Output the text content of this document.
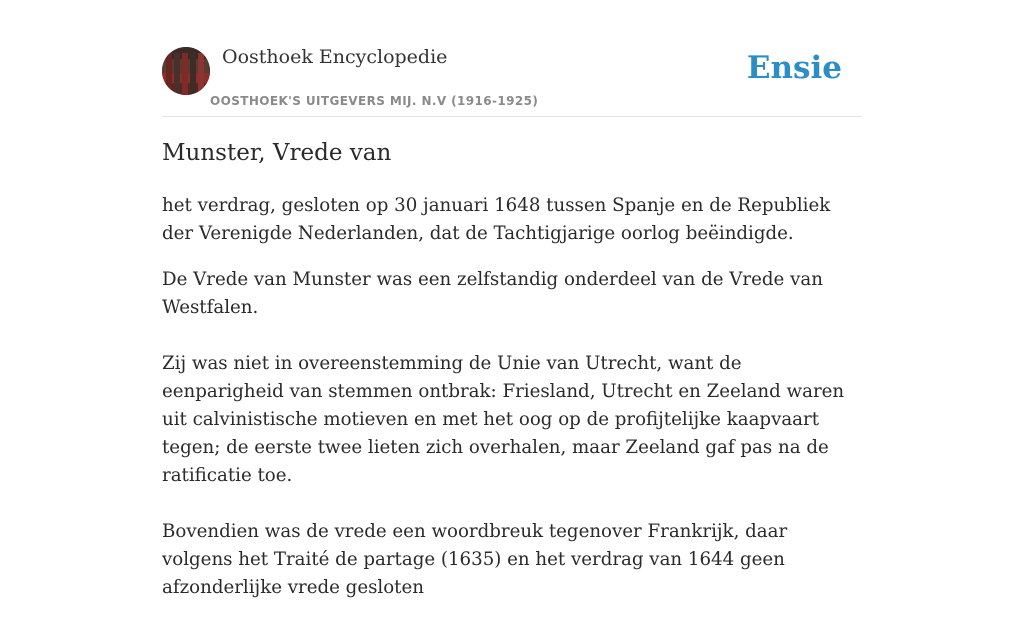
Oosthoek Encyclopedie
OOSTHOEK'S UITGEVERS MIJ. N.V (1916-1925)
Ensie
Munster, Vrede van

het verdrag, gesloten op 30 januari 1648 tussen Spanje en de Republiek der Verenigde Nederlanden, dat de Tachtigjarige oorlog beëindigde.

De Vrede van Munster was een zelfstandig onderdeel van de Vrede van Westfalen.

Zij was niet in overeenstemming de Unie van Utrecht, want de eenparigheid van stemmen ontbrak: Friesland, Utrecht en Zeeland waren uit calvinistische motieven en met het oog op de profijtelijke kaapvaart tegen; de eerste twee lieten zich overhalen, maar Zeeland gaf pas na de ratificatie toe.

Bovendien was de vrede een woordbreuk tegenover Frankrijk, daar volgens het Traité de partage (1635) en het verdrag van 1644 geen afzonderlijke vrede gesloten
